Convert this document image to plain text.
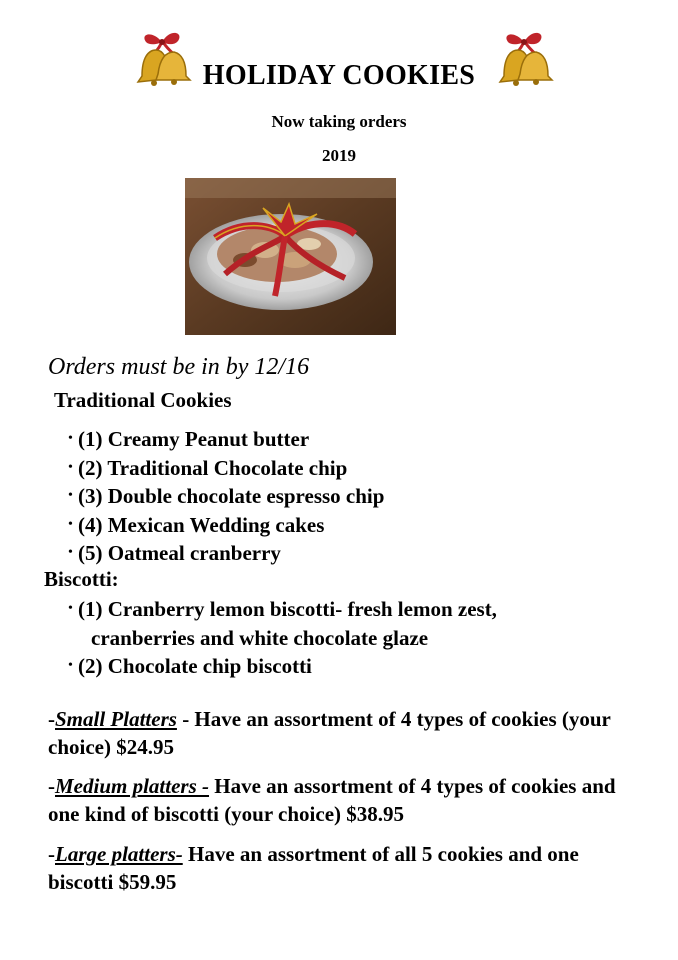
HOLIDAY COOKIES
Now taking orders
2019
Orders must be in by 12/16
Traditional Cookies
• (1) Creamy Peanut butter
• (2) Traditional Chocolate chip
• (3) Double chocolate espresso chip
• (4) Mexican Wedding cakes
• (5) Oatmeal cranberry
Biscotti:
• (1) Cranberry lemon biscotti- fresh lemon zest,
cranberries and white chocolate glaze
• (2) Chocolate chip biscotti
-Small Platters - Have an assortment of 4 types of cookies (your choice) $24.95
-Medium platters - Have an assortment of 4 types of cookies and one kind of biscotti (your choice) $38.95
-Large platters- Have an assortment of all 5 cookies and one biscotti $59.95
